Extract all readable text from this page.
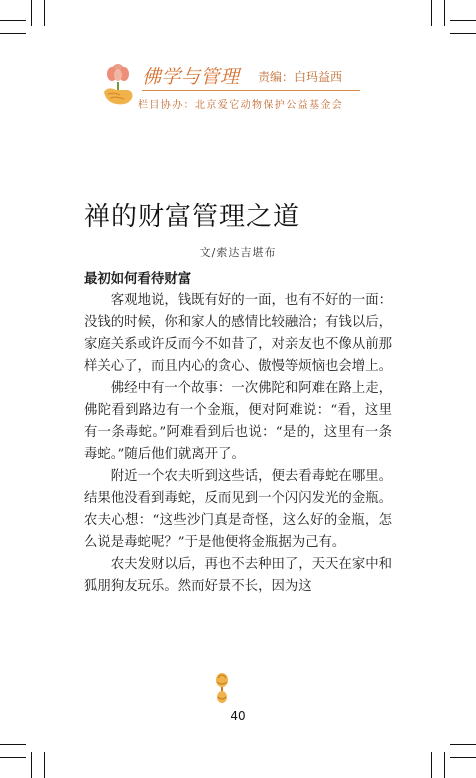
佛学与管理 责编：白玛益西
栏目协办：北京爱它动物保护公益基金会
禅的财富管理之道
文/索达吉堪布
最初如何看待财富

客观地说，钱既有好的一面，也有不好的一面：没钱的时候，你和家人的感情比较融洽；有钱以后，家庭关系或许反而今不如昔了，对亲友也不像从前那样关心了，而且内心的贪心、傲慢等烦恼也会增上。

佛经中有一个故事：一次佛陀和阿难在路上走，佛陀看到路边有一个金瓶，便对阿难说：“看，这里有一条毒蛇。”阿难看到后也说：“是的，这里有一条毒蛇。”随后他们就离开了。

附近一个农夫听到这些话，便去看毒蛇在哪里。结果他没看到毒蛇，反而见到一个闪闪发光的金瓶。农夫心想：“这些沙门真是奇怪，这么好的金瓶，怎么说是毒蛇呢？”于是他便将金瓶据为己有。

农夫发财以后，再也不去种田了，天天在家中和狐朋狗友玩乐。然而好景不长，因为这

40
